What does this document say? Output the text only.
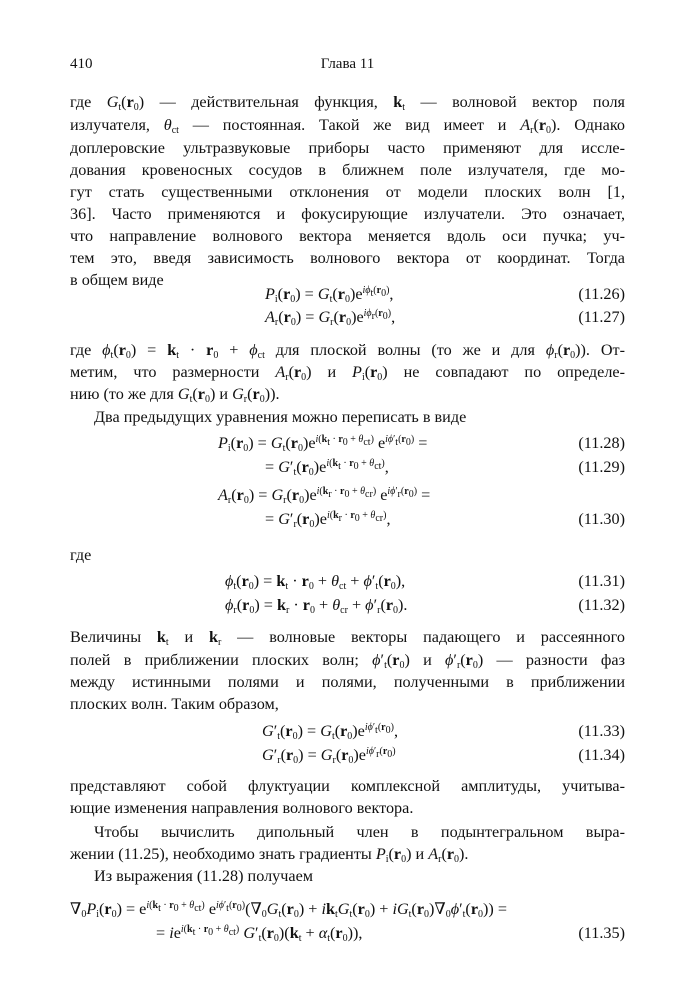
410	Глава 11
где $G_t(r_0)$ — действительная функция, $k_t$ — волновой вектор поля
излучателя, $\theta_{ct}$ — постоянная. Такой же вид имеет и $A_r(r_0)$. Однако
доплеровские ультразвуковые приборы часто применяют для иссле-
дования кровеносных сосудов в ближнем поле излучателя, где мо-
гут стать существенными отклонения от модели плоских волн [1,
36]. Часто применяются и фокусирующие излучатели. Это означает,
что направление волнового вектора меняется вдоль оси пучка; уч-
тем это, введя зависимость волнового вектора от координат. Тогда
в общем виде
$P_i(r_0) = G_t(r_0)e^{i\phi_t(r_0)}$,	(11.26)
$A_r(r_0) = G_r(r_0)e^{i\phi_r(r_0)}$,	(11.27)
где $\phi_t(r_0) = k_t \cdot r_0 + \phi_{ct}$ для плоской волны (то же и для $\phi_r(r_0)$). От-
метим, что размерности $A_r(r_0)$ и $P_i(r_0)$ не совпадают по определе-
нию (то же для $G_t(r_0)$ и $G_r(r_0)$).
Два предыдущих уравнения можно переписать в виде
$P_i(r_0) = G_t(r_0)e^{i(k_t \cdot r_0 + \theta_{ct})}$ $e^{i\phi'_t(r_0)}$ =	(11.28)
= $G'_t(r_0)e^{i(k_t \cdot r_0 + \theta_{ct})}$,	(11.29)
$A_r(r_0) = G_r(r_0)e^{i(k_r \cdot r_0 + \theta_{cr})}$ $e^{i\phi'_r(r_0)}$ =
= $G'_r(r_0)e^{i(k_r \cdot r_0 + \theta_{cr})}$,	(11.30)
где
$\phi_t(r_0) = k_t \cdot r_0 + \theta_{ct} + \phi'_t(r_0)$,	(11.31)
$\phi_r(r_0) = k_r \cdot r_0 + \theta_{cr} + \phi'_r(r_0)$.	(11.32)
Величины $k_t$ и $k_r$ — волновые векторы падающего и рассеянного
полей в приближении плоских волн; $\phi'_t(r_0)$ и $\phi'_r(r_0)$ — разности фаз
между истинными полями и полями, полученными в приближении
плоских волн. Таким образом,
$G'_t(r_0) = G_t(r_0)e^{i\phi'_t(r_0)}$,	(11.33)
$G'_r(r_0) = G_r(r_0)e^{i\phi'_r(r_0)}$	(11.34)
представляют собой флуктуации комплексной амплитуды, учитыва-
ющие изменения направления волнового вектора.
Чтобы вычислить дипольный член в подынтегральном выра-
жении (11.25), необходимо знать градиенты $P_i(r_0)$ и $A_r(r_0)$.
Из выражения (11.28) получаем
$\nabla_0P_i(r_0) = e^{i(k_t \cdot r_0 + \theta_{ct})}$ $e^{i\phi'_t(r_0)}(\nabla_0G_t(r_0) + ik_tG_t(r_0) + iG_t(r_0)\nabla_0\phi'_t(r_0))$ =
= $ie^{i(k_t \cdot r_0 + \theta_{ct})}$ $G'_t(r_0)(k_t + \alpha_t(r_0))$,	(11.35)
